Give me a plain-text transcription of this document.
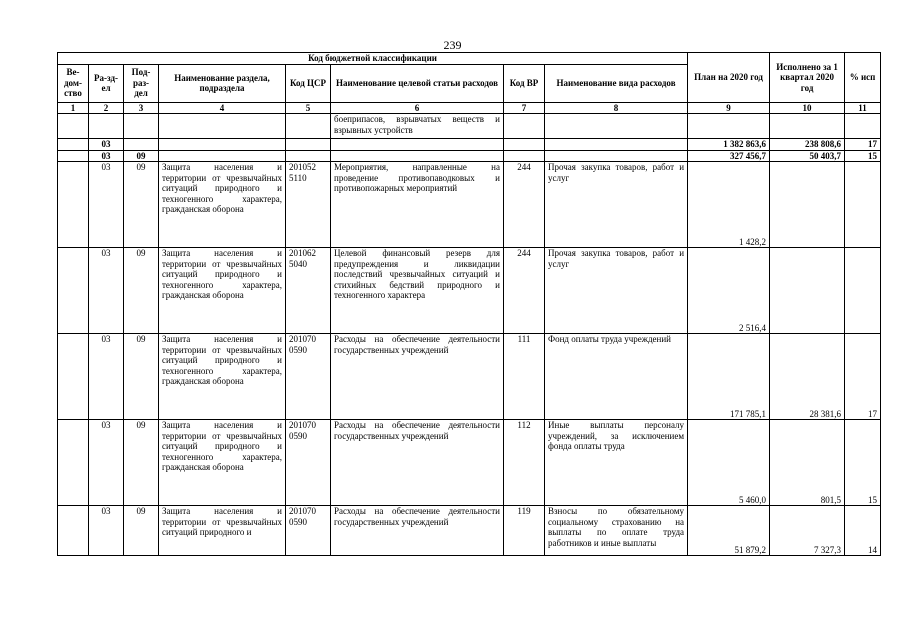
239
Код бюджетной классификации								План на 2020 год	Исполнено за 1 квартал 2020 год	% исп
Ве-дом-ство	Ра-зд-ел	Под-раз-дел	Наименование раздела, подраздела	Код ЦСР	Наименование целевой статьи расходов	Код ВР	Наименование вида расходов			
1	2	3	4	5	6	7	8	9	10	11
					боеприпасов, взрывчатых веществ и взрывных устройств					
	03							1 382 863,6	238 808,6	17
	03	09						327 456,7	50 403,7	15
	03	09	Защита населения и территории от чрезвычайных ситуаций природного и техногенного характера, гражданская оборона	201052 5110	Мероприятия, направленные на проведение противопаводковых и противопожарных мероприятий	244	Прочая закупка товаров, работ и услуг	1 428,2		
	03	09	Защита населения и территории от чрезвычайных ситуаций природного и техногенного характера, гражданская оборона	201062 5040	Целевой финансовый резерв для предупреждения и ликвидации последствий чрезвычайных ситуаций и стихийных бедствий природного и техногенного характера	244	Прочая закупка товаров, работ и услуг	2 516,4		
	03	09	Защита населения и территории от чрезвычайных ситуаций природного и техногенного характера, гражданская оборона	201070 0590	Расходы на обеспечение деятельности государственных учреждений	111	Фонд оплаты труда учреждений	171 785,1	28 381,6	17
	03	09	Защита населения и территории от чрезвычайных ситуаций природного и техногенного характера, гражданская оборона	201070 0590	Расходы на обеспечение деятельности государственных учреждений	112	Иные выплаты персоналу учреждений, за исключением фонда оплаты труда	5 460,0	801,5	15
	03	09	Защита населения и территории от чрезвычайных ситуаций природного и	201070 0590	Расходы на обеспечение деятельности государственных учреждений	119	Взносы по обязательному социальному страхованию на выплаты по оплате труда работников и иные выплаты	51 879,2	7 327,3	14
